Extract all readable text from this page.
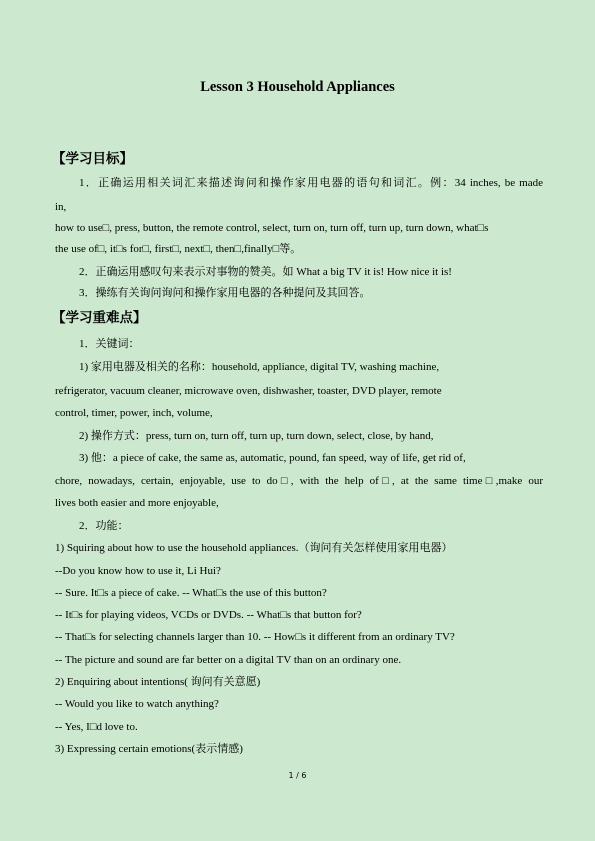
Lesson 3 Household Appliances
【学习目标】
1．正确运用相关词汇来描述询问和操作家用电器的语句和词汇。例：34 inches, be made
in,
how to use□, press, button, the remote control, select, turn on, turn off, turn up, turn down, what□s
the use of□, it□s for□, first□, next□, then□,finally□等。
2．正确运用感叹句来表示对事物的赞美。如 What a big TV it is! How nice it is!
3．操练有关询问询问和操作家用电器的各种提问及其回答。
【学习重难点】
1．关键词：
1) 家用电器及相关的名称：household, appliance, digital TV, washing machine,
refrigerator, vacuum cleaner, microwave oven, dishwasher, toaster, DVD player, remote
control, timer, power, inch, volume,
2) 操作方式：press, turn on, turn off, turn up, turn down, select, close, by hand,
3) 他：a piece of cake, the same as, automatic, pound, fan speed, way of life, get rid of,
chore, nowadays, certain, enjoyable, use to do□, with the help of□, at the same time□,make our
lives both easier and more enjoyable,
2．功能：
1) Squiring about how to use the household appliances.（询问有关怎样使用家用电器）
--Do you know how to use it, Li Hui?
-- Sure. It□s a piece of cake. -- What□s the use of this button?
-- It□s for playing videos, VCDs or DVDs. -- What□s that button for?
-- That□s for selecting channels larger than 10. -- How□s it different from an ordinary TV?
-- The picture and sound are far better on a digital TV than on an ordinary one.
2) Enquiring about intentions( 询问有关意愿)
-- Would you like to watch anything?
-- Yes, I□d love to.
3) Expressing certain emotions(表示情感)
1 / 6
